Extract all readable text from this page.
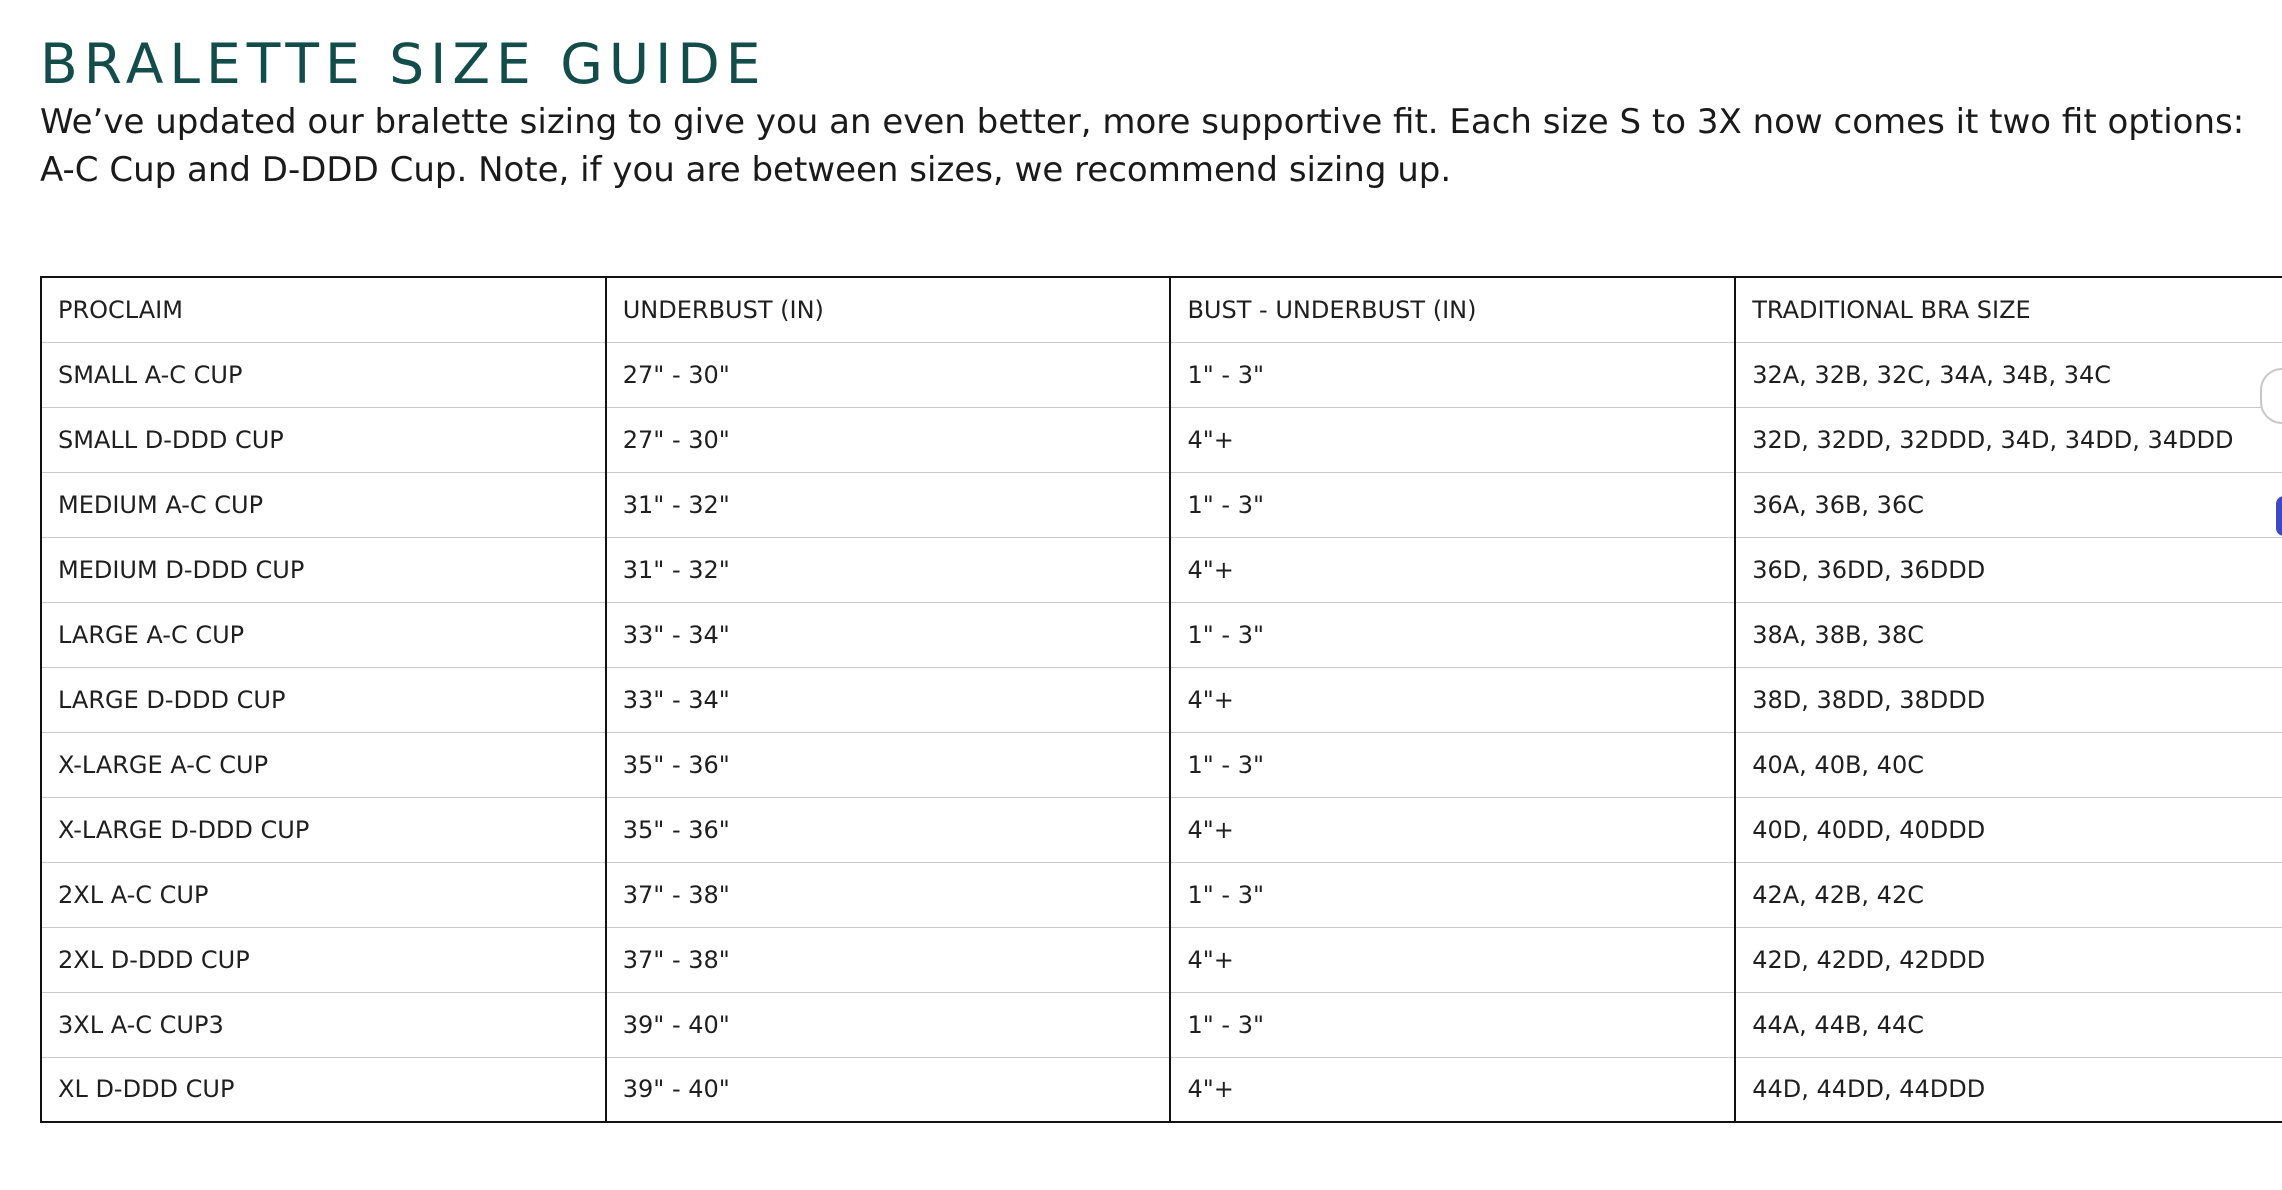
BRALETTE SIZE GUIDE

We’ve updated our bralette sizing to give you an even better, more supportive fit. Each size S to 3X now comes it two fit options:
A-C Cup and D-DDD Cup. Note, if you are between sizes, we recommend sizing up.

PROCLAIM	UNDERBUST (IN)	BUST - UNDERBUST (IN)	TRADITIONAL BRA SIZE
SMALL A-C CUP	27" - 30"	1" - 3"	32A, 32B, 32C, 34A, 34B, 34C
SMALL D-DDD CUP	27" - 30"	4"+	32D, 32DD, 32DDD, 34D, 34DD, 34DDD
MEDIUM A-C CUP	31" - 32"	1" - 3"	36A, 36B, 36C
MEDIUM D-DDD CUP	31" - 32"	4"+	36D, 36DD, 36DDD
LARGE A-C CUP	33" - 34"	1" - 3"	38A, 38B, 38C
LARGE D-DDD CUP	33" - 34"	4"+	38D, 38DD, 38DDD
X-LARGE A-C CUP	35" - 36"	1" - 3"	40A, 40B, 40C
X-LARGE D-DDD CUP	35" - 36"	4"+	40D, 40DD, 40DDD
2XL A-C CUP	37" - 38"	1" - 3"	42A, 42B, 42C
2XL D-DDD CUP	37" - 38"	4"+	42D, 42DD, 42DDD
3XL A-C CUP3	39" - 40"	1" - 3"	44A, 44B, 44C
XL D-DDD CUP	39" - 40"	4"+	44D, 44DD, 44DDD
